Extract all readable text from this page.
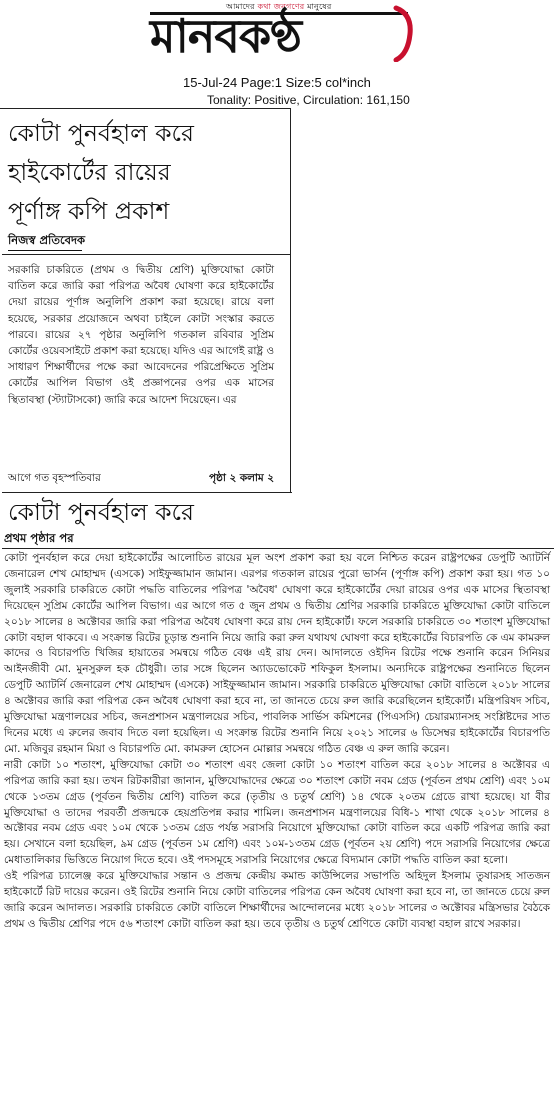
আমাদের কথা জনগণের মানুষের
মানবকণ্ঠ
15-Jul-24 Page:1 Size:5 col*inch
Tonality: Positive, Circulation: 161,150
কোটা পুনর্বহাল করে
হাইকোর্টের রায়ের
পূর্ণাঙ্গ কপি প্রকাশ
নিজস্ব প্রতিবেদক

সরকারি চাকরিতে (প্রথম ও দ্বিতীয় শ্রেণি) মুক্তিযোদ্ধা কোটা বাতিল করে জারি করা পরিপত্র অবৈধ ঘোষণা করে হাইকোর্টের দেয়া রায়ের পূর্ণাঙ্গ অনুলিপি প্রকাশ করা হয়েছে। রায়ে বলা হয়েছে, সরকার প্রয়োজনে অথবা চাইলে কোটা সংস্কার করতে পারবে। রায়ের ২৭ পৃষ্ঠার অনুলিপি গতকাল রবিবার সুপ্রিম কোর্টের ওয়েবসাইটে প্রকাশ করা হয়েছে। যদিও এর আগেই রাষ্ট্র ও সাধারণ শিক্ষার্থীদের পক্ষে করা আবেদনের পরিপ্রেক্ষিতে সুপ্রিম কোর্টের আপিল বিভাগ ওই প্রজ্ঞাপনের ওপর এক মাসের স্থিতাবস্থা (স্ট্যাটাসকো) জারি করে আদেশ দিয়েছেন। এর

আগে গত বৃহস্পতিবার	পৃষ্ঠা ২ কলাম ২
কোটা পুনর্বহাল করে
প্রথম পৃষ্ঠার পর

কোটা পুনর্বহাল করে দেয়া হাইকোর্টের আলোচিত রায়ের মূল অংশ প্রকাশ করা হয় বলে নিশ্চিত করেন রাষ্ট্রপক্ষের ডেপুটি অ্যাটর্নি জেনারেল শেখ মোহাম্মদ (এসকে) সাইফুজ্জামান জামান। এরপর গতকাল রায়ের পুরো ভার্সন (পূর্ণাঙ্গ কপি) প্রকাশ করা হয়। গত ১০ জুলাই সরকারি চাকরিতে কোটা পদ্ধতি বাতিলের পরিপত্র 'অবৈধ' ঘোষণা করে হাইকোর্টের দেয়া রায়ের ওপর এক মাসের স্থিতাবস্থা দিয়েছেন সুপ্রিম কোর্টের আপিল বিভাগ। এর আগে গত ৫ জুন প্রথম ও দ্বিতীয় শ্রেণির সরকারি চাকরিতে মুক্তিযোদ্ধা কোটা বাতিলে ২০১৮ সালের ৪ অক্টোবর জারি করা পরিপত্র অবৈধ ঘোষণা করে রায় দেন হাইকোর্ট। ফলে সরকারি চাকরিতে ৩০ শতাংশ মুক্তিযোদ্ধা কোটা বহাল থাকবে। এ সংক্রান্ত রিটের চূড়ান্ত শুনানি নিয়ে জারি করা রুল যথাযথ ঘোষণা করে হাইকোর্টের বিচারপতি কে এম কামরুল কাদের ও বিচারপতি খিজির হায়াতের সমন্বয়ে গঠিত বেঞ্চ এই রায় দেন। আদালতে ওইদিন রিটের পক্ষে শুনানি করেন সিনিয়র আইনজীবী মো. মুনসুরুল হক চৌধুরী। তার সঙ্গে ছিলেন অ্যাডভোকেট শফিকুল ইসলাম। অন্যদিকে রাষ্ট্রপক্ষের শুনানিতে ছিলেন ডেপুটি অ্যাটর্নি জেনারেল শেখ মোহাম্মদ (এসকে) সাইফুজ্জামান জামান। সরকারি চাকরিতে মুক্তিযোদ্ধা কোটা বাতিলে ২০১৮ সালের ৪ অক্টোবর জারি করা পরিপত্র কেন অবৈধ ঘোষণা করা হবে না, তা জানতে চেয়ে রুল জারি করেছিলেন হাইকোর্ট। মন্ত্রিপরিষদ সচিব, মুক্তিযোদ্ধা মন্ত্রণালয়ের সচিব, জনপ্রশাসন মন্ত্রণালয়ের সচিব, পাবলিক সার্ভিস কমিশনের (পিএসসি) চেয়ারম্যানসহ সংশ্লিষ্টদের সাত দিনের মধ্যে এ রুলের জবাব দিতে বলা হয়েছিল। এ সংক্রান্ত রিটের শুনানি নিয়ে ২০২১ সালের ৬ ডিসেম্বর হাইকোর্টের বিচারপতি মো. মজিবুর রহমান মিয়া ও বিচারপতি মো. কামরুল হোসেন মোল্লার সমন্বয়ে গঠিত বেঞ্চ এ রুল জারি করেন।

নারী কোটা ১০ শতাংশ, মুক্তিযোদ্ধা কোটা ৩০ শতাংশ এবং জেলা কোটা ১০ শতাংশ বাতিল করে ২০১৮ সালের ৪ অক্টোবর এ পরিপত্র জারি করা হয়। তখন রিটকারীরা জানান, মুক্তিযোদ্ধাদের ক্ষেত্রে ৩০ শতাংশ কোটা নবম গ্রেড (পূর্বতন প্রথম শ্রেণি) এবং ১০ম থেকে ১৩তম গ্রেড (পূর্বতন দ্বিতীয় শ্রেণি) বাতিল করে (তৃতীয় ও চতুর্থ শ্রেণি) ১৪ থেকে ২০তম গ্রেডে রাখা হয়েছে। যা বীর মুক্তিযোদ্ধা ও তাদের পরবর্তী প্রজন্মকে হেয়প্রতিপন্ন করার শামিল। জনপ্রশাসন মন্ত্রণালয়ের বিধি-১ শাখা থেকে ২০১৮ সালের ৪ অক্টোবর নবম গ্রেড এবং ১০ম থেকে ১৩তম গ্রেড পর্যন্ত সরাসরি নিয়োগে মুক্তিযোদ্ধা কোটা বাতিল করে একটি পরিপত্র জারি করা হয়। সেখানে বলা হয়েছিল, ৯ম গ্রেড (পূর্বতন ১ম শ্রেণি) এবং ১০ম-১৩তম গ্রেড (পূর্বতন ২য় শ্রেণি) পদে সরাসরি নিয়োগের ক্ষেত্রে মেধাতালিকার ভিত্তিতে নিয়োগ দিতে হবে। ওই পদসমূহে সরাসরি নিয়োগের ক্ষেত্রে বিদ্যমান কোটা পদ্ধতি বাতিল করা হলো।

ওই পরিপত্র চ্যালেঞ্জ করে মুক্তিযোদ্ধার সন্তান ও প্রজন্ম কেন্দ্রীয় কমান্ড কাউন্সিলের সভাপতি অহিদুল ইসলাম তুষারসহ সাতজন হাইকোর্টে রিট দায়ের করেন। ওই রিটের শুনানি নিয়ে কোটা বাতিলের পরিপত্র কেন অবৈধ ঘোষণা করা হবে না, তা জানতে চেয়ে রুল জারি করেন আদালত। সরকারি চাকরিতে কোটা বাতিলে শিক্ষার্থীদের আন্দোলনের মধ্যে ২০১৮ সালের ৩ অক্টোবর মন্ত্রিসভার বৈঠকে প্রথম ও দ্বিতীয় শ্রেণির পদে ৫৬ শতাংশ কোটা বাতিল করা হয়। তবে তৃতীয় ও চতুর্থ শ্রেণিতে কোটা ব্যবস্থা বহাল রাখে সরকার।
